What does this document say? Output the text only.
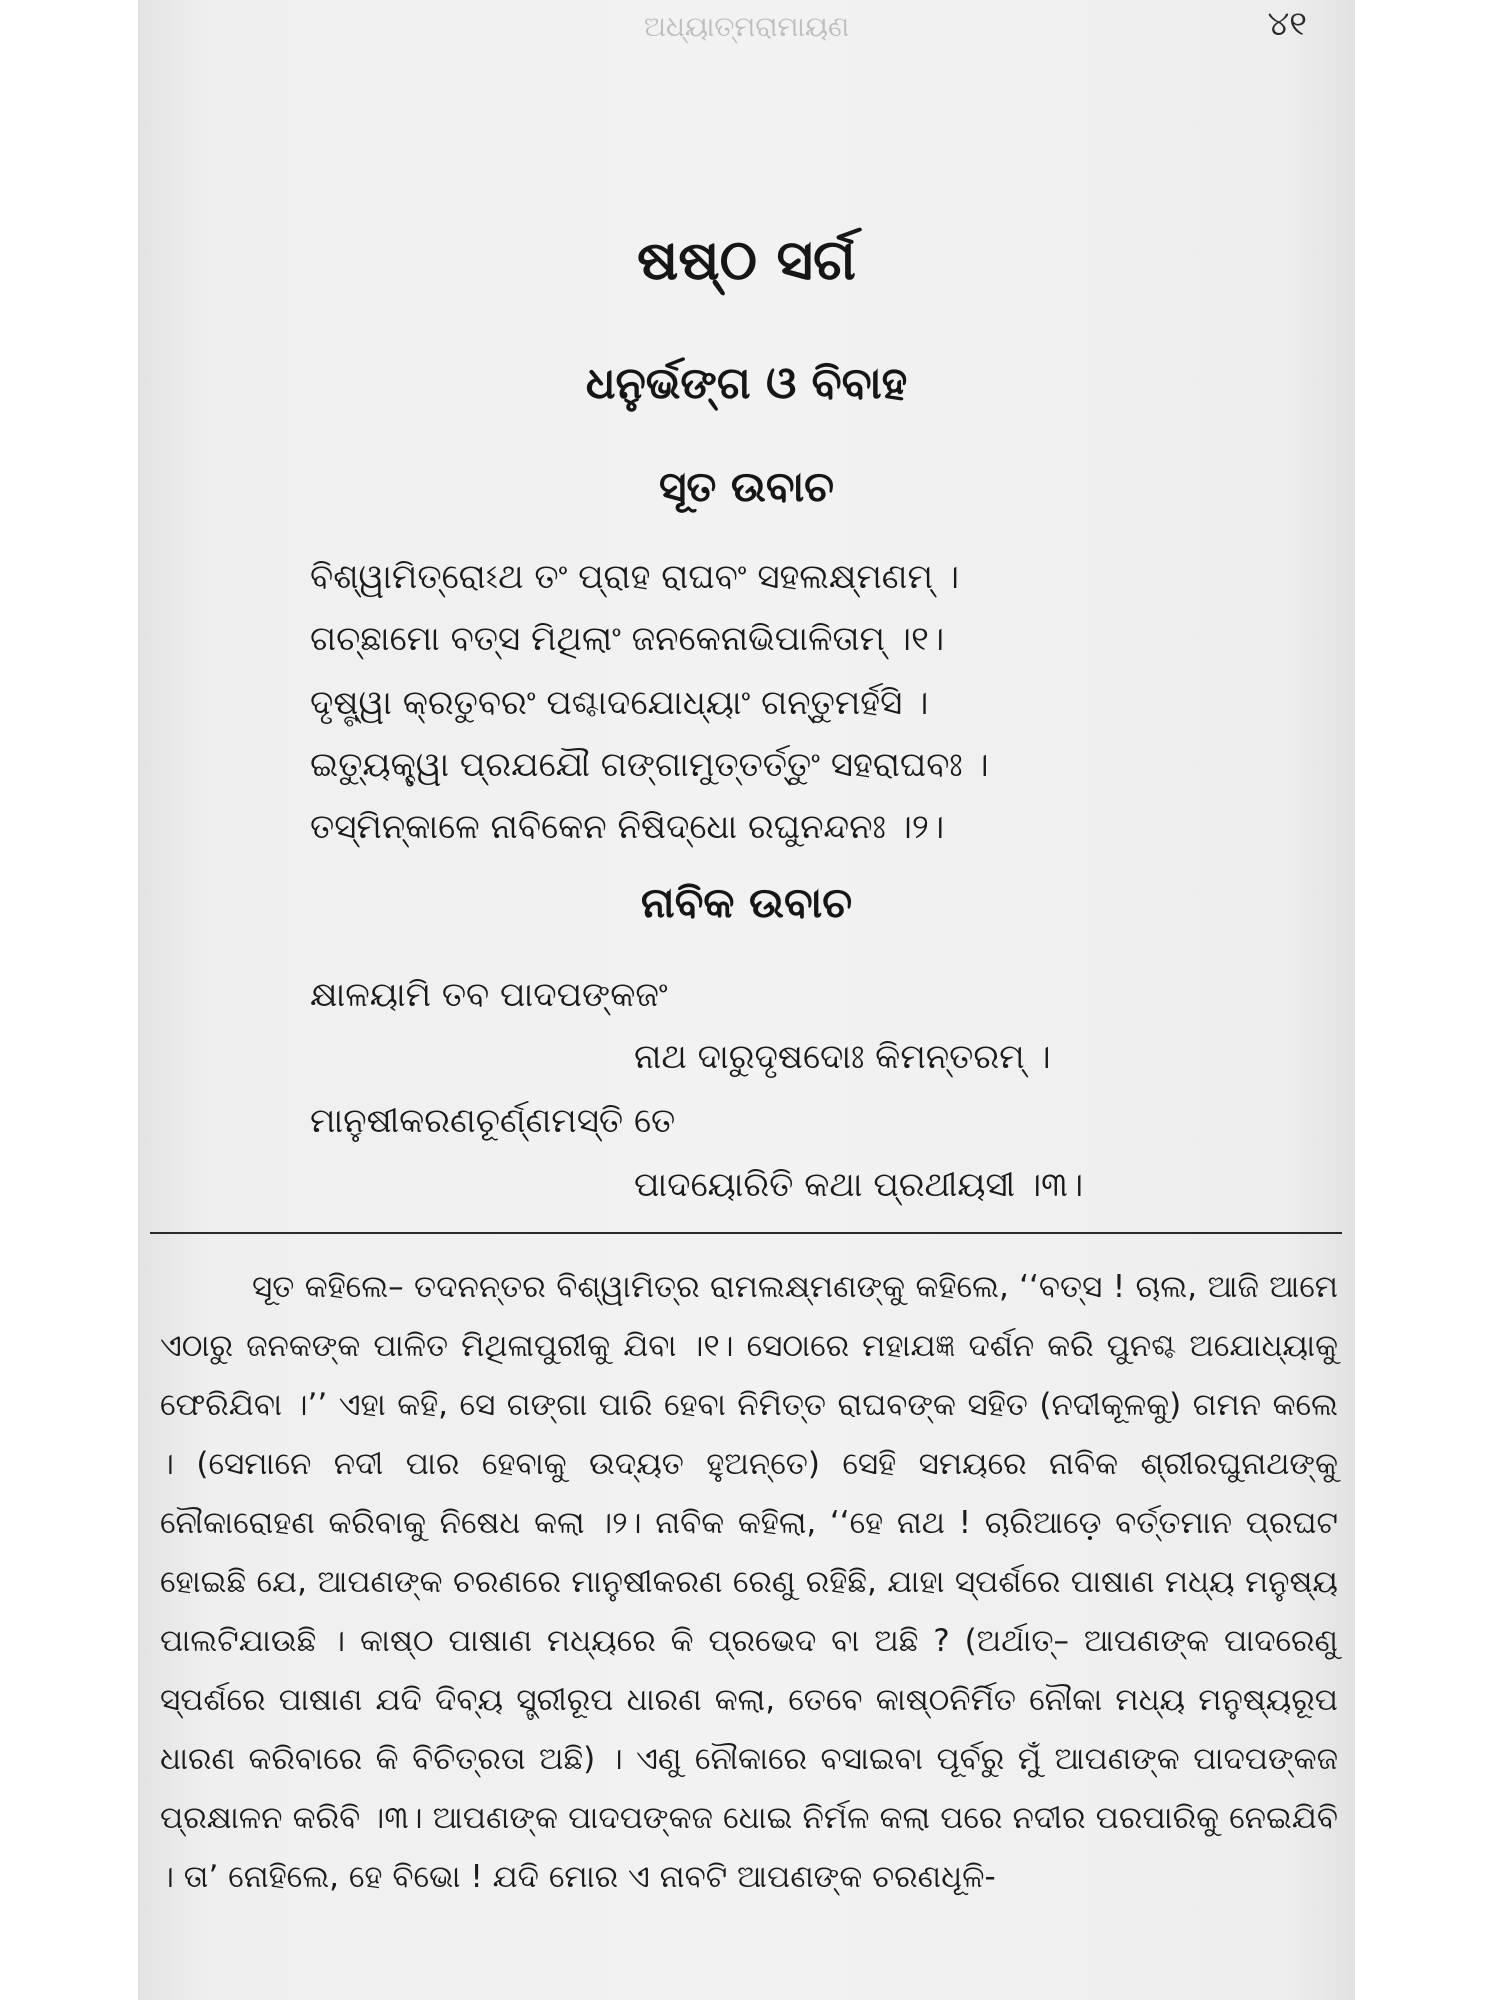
ଅଧ୍ୟାତ୍ମରାମାୟଣ	୪୧
ଷଷ୍ଠ ସର୍ଗ
ଧନୁର୍ଭଙ୍ଗ ଓ ବିବାହ
ସୂତ ଉବାଚ
ବିଶ୍ୱାମିତ୍ରୋଽଥ ତଂ ପ୍ରାହ ରାଘବଂ ସହଲକ୍ଷ୍ମଣମ୍ ।
ଗଚ୍ଛାମୋ ବତ୍ସ ମିଥିଲାଂ ଜନକେନାଭିପାଳିତାମ୍ ।୧।
ଦୃଷ୍ଟ୍ୱା କ୍ରତୁବରଂ ପଶ୍ଚାଦଯୋଧ୍ୟାଂ ଗନ୍ତୁମର୍ହସି ।
ଇତ୍ୟୁକ୍ତ୍ୱା ପ୍ରଯଯୌ ଗଙ୍ଗାମୁତ୍ତର୍ତ୍ତୁଂ ସହରାଘବଃ ।
ତସ୍ମିନ୍‌କାଳେ ନାବିକେନ ନିଷିଦ୍ଧୋ ରଘୁନନ୍ଦନଃ ।୨।
ନାବିକ ଉବାଚ
କ୍ଷାଳୟାମି ତବ ପାଦପଙ୍କଜଂ
ନାଥ ଦାରୁଦୃଷଦୋଃ କିମନ୍ତରମ୍ ।
ମାନୁଷୀକରଣଚୂର୍ଣ୍ଣମସ୍ତି ତେ
ପାଦୟୋରିତି କଥା ପ୍ରଥୀୟସୀ ।୩।

ସୂତ କହିଲେ– ତଦନନ୍ତର ବିଶ୍ୱାମିତ୍ର ରାମଲକ୍ଷ୍ମଣଙ୍କୁ କହିଲେ, ‘‘ବତ୍ସ ! ଚାଲ, ଆଜି ଆମେ ଏଠାରୁ ଜନକଙ୍କ ପାଳିତ ମିଥିଳାପୁରୀକୁ ଯିବା ।୧। ସେଠାରେ ମହାଯଜ୍ଞ ଦର୍ଶନ କରି ପୁନଶ୍ଚ ଅଯୋଧ୍ୟାକୁ ଫେରିଯିବା ।’’ ଏହା କହି, ସେ ଗଙ୍ଗା ପାରି ହେବା ନିମିତ୍ତ ରାଘବଙ୍କ ସହିତ (ନଦୀକୂଳକୁ) ଗମନ କଲେ । (ସେମାନେ ନଦୀ ପାର ହେବାକୁ ଉଦ୍ୟତ ହୁଅନ୍ତେ) ସେହି ସମୟରେ ନାବିକ ଶ୍ରୀରଘୁନାଥଙ୍କୁ ନୌକାରୋହଣ କରିବାକୁ ନିଷେଧ କଲା ।୨। ନାବିକ କହିଲା, ‘‘ହେ ନାଥ ! ଚାରିଆଡ଼େ ବର୍ତ୍ତମାନ ପ୍ରଘଟ ହୋଇଛି ଯେ, ଆପଣଙ୍କ ଚରଣରେ ମାନୁଷୀକରଣ ରେଣୁ ରହିଛି, ଯାହା ସ୍ପର୍ଶରେ ପାଷାଣ ମଧ୍ୟ ମନୁଷ୍ୟ ପାଲଟିଯାଉଛି । କାଷ୍ଠ ପାଷାଣ ମଧ୍ୟରେ କି ପ୍ରଭେଦ ବା ଅଛି ? (ଅର୍ଥାତ୍– ଆପଣଙ୍କ ପାଦରେଣୁ ସ୍ପର୍ଶରେ ପାଷାଣ ଯଦି ଦିବ୍ୟ ସ୍ତ୍ରୀରୂପ ଧାରଣ କଲା, ତେବେ କାଷ୍ଠନିର୍ମିତ ନୌକା ମଧ୍ୟ ମନୁଷ୍ୟରୂପ ଧାରଣ କରିବାରେ କି ବିଚିତ୍ରତା ଅଛି) । ଏଣୁ ନୌକାରେ ବସାଇବା ପୂର୍ବରୁ ମୁଁ ଆପଣଙ୍କ ପାଦପଙ୍କଜ ପ୍ରକ୍ଷାଳନ କରିବି ।୩। ଆପଣଙ୍କ ପାଦପଙ୍କଜ ଧୋଇ ନିର୍ମଳ କଲା ପରେ ନଦୀର ପରପାରିକୁ ନେଇଯିବି । ତା’ ନୋହିଲେ, ହେ ବିଭୋ ! ଯଦି ମୋର ଏ ନାବଟି ଆପଣଙ୍କ ଚରଣଧୂଳି-
